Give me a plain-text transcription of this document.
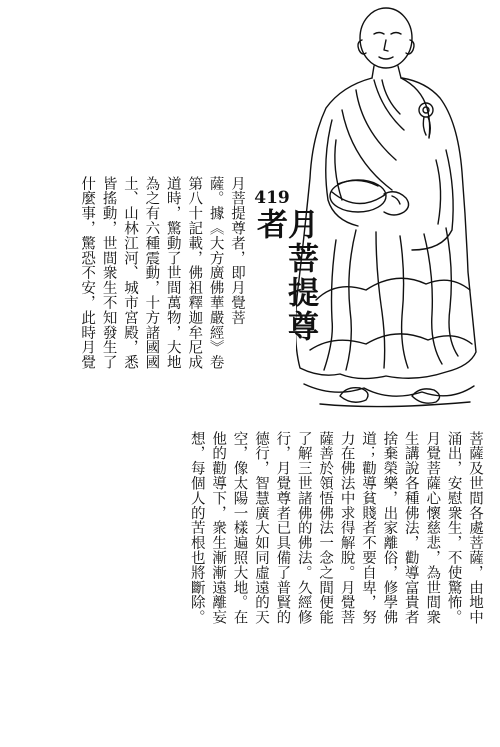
419
月菩提尊者
月菩提尊者，即月覺菩
薩。據《大方廣佛華嚴經》卷
第八十記載，佛祖釋迦牟尼成
道時，驚動了世間萬物，大地
為之有六種震動，十方諸國國
土、山林江河、城市宮殿，悉
皆搖動，世間衆生不知發生了
什麼事，驚恐不安，此時月覺
菩薩及世間各處菩薩，由地中
涌出，安慰衆生，不使驚怖。
月覺菩薩心懷慈悲，為世間衆
生講說各種佛法，勸導富貴者
捨棄榮樂，出家離俗，修學佛
道；勸導貧賤者不要自卑，努
力在佛法中求得解脫。月覺菩
薩善於領悟佛法一念之間便能
了解三世諸佛的佛法。久經修
行，月覺尊者已具備了普賢的
德行，智慧廣大如同虛遠的天
空，像太陽一樣遍照大地。在
他的勸導下，衆生漸漸遠離妄
想，每個人的苦根也將斷除。
